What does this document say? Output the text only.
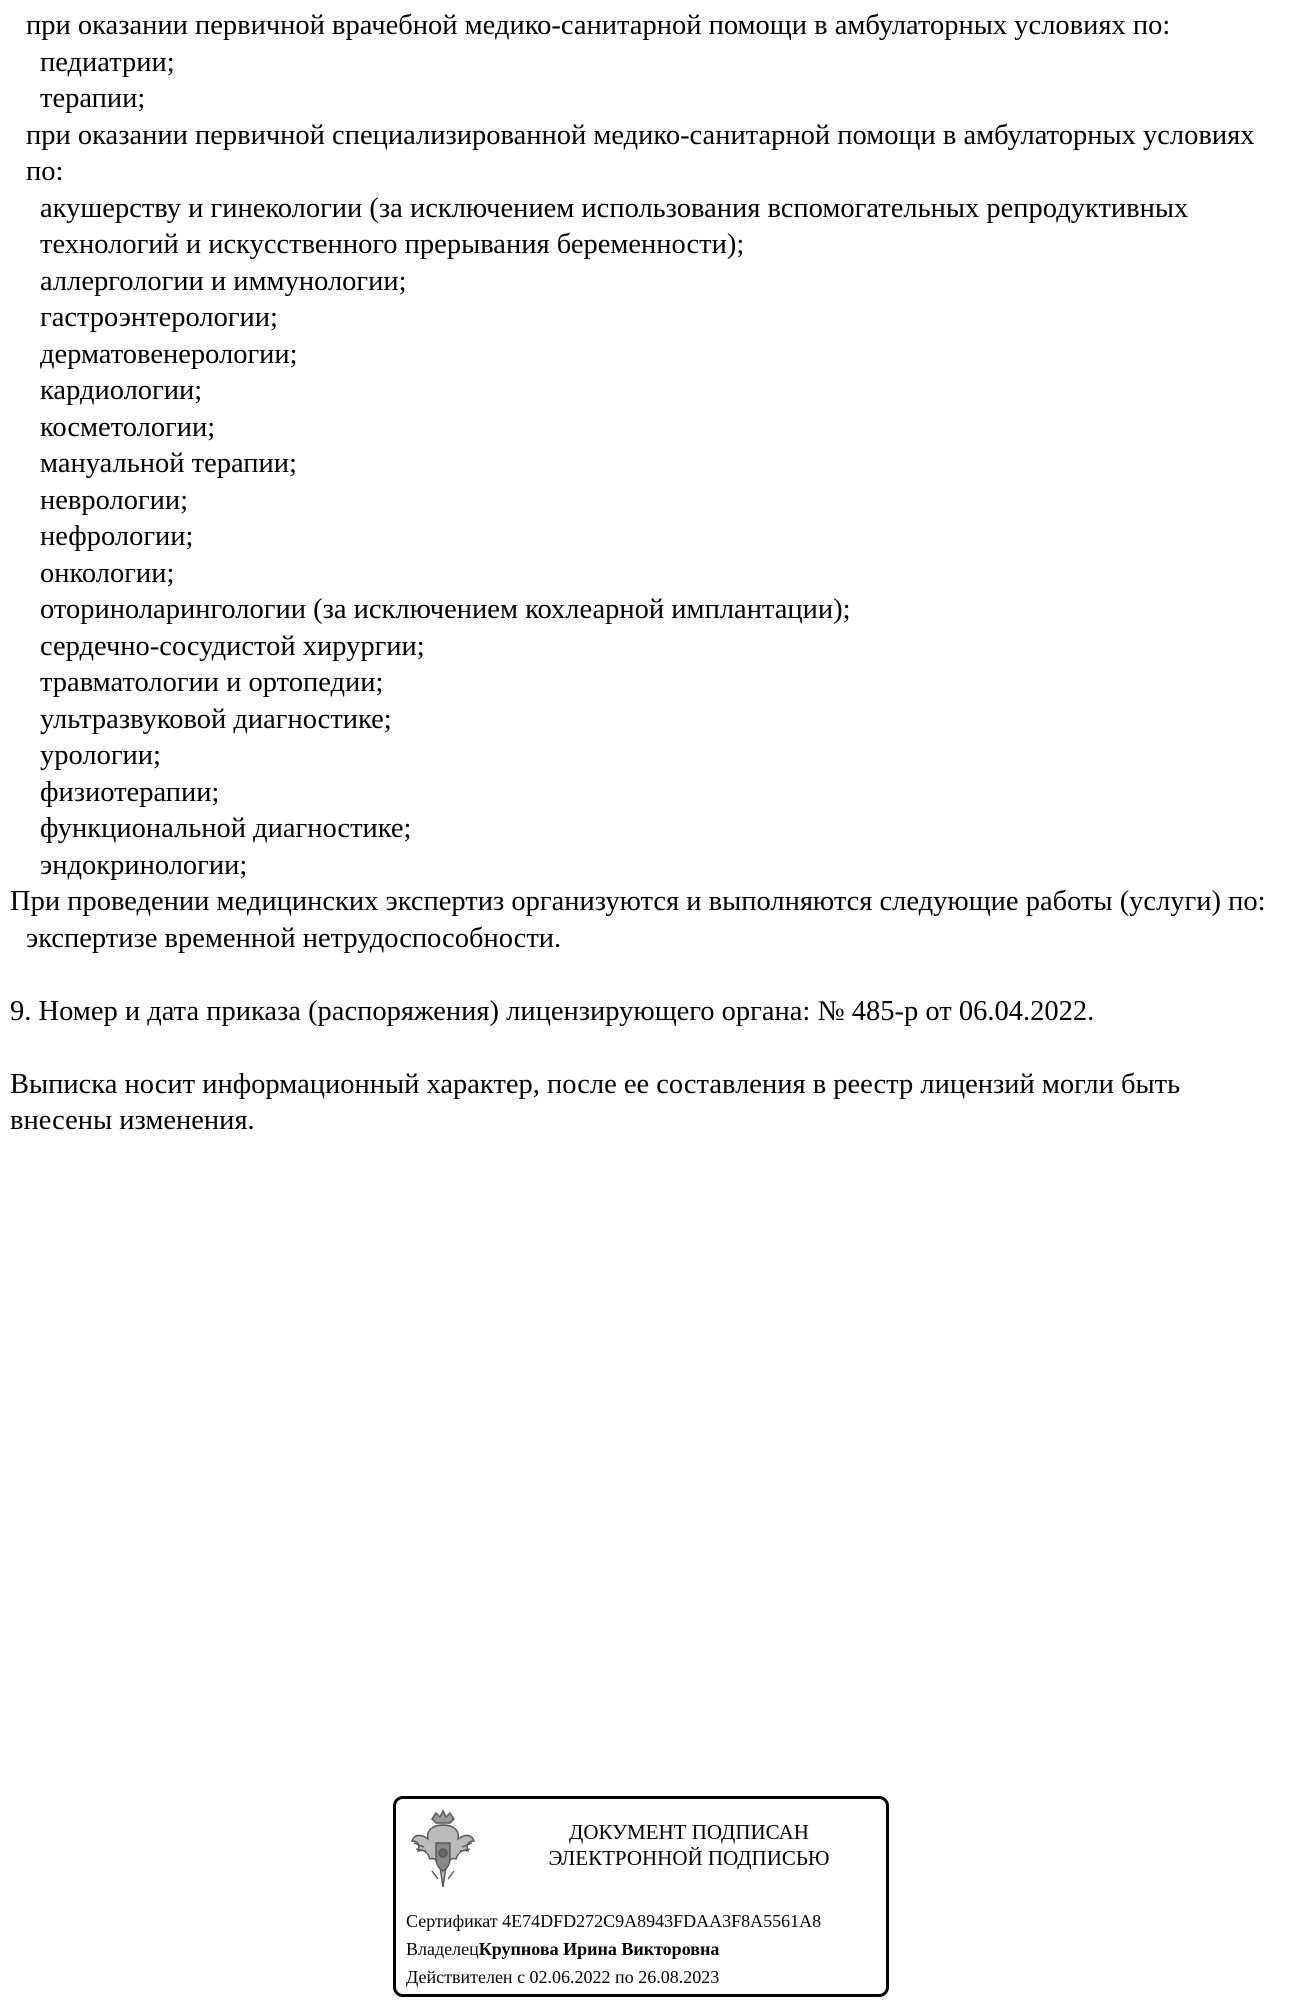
при оказании первичной врачебной медико-санитарной помощи в амбулаторных условиях по:
педиатрии;
терапии;
при оказании первичной специализированной медико-санитарной помощи в амбулаторных условиях по:
акушерству и гинекологии (за исключением использования вспомогательных репродуктивных технологий и искусственного прерывания беременности);
аллергологии и иммунологии;
гастроэнтерологии;
дерматовенерологии;
кардиологии;
косметологии;
мануальной терапии;
неврологии;
нефрологии;
онкологии;
оториноларингологии (за исключением кохлеарной имплантации);
сердечно-сосудистой хирургии;
травматологии и ортопедии;
ультразвуковой диагностике;
урологии;
физиотерапии;
функциональной диагностике;
эндокринологии;
При проведении медицинских экспертиз организуются и выполняются следующие работы (услуги) по:
экспертизе временной нетрудоспособности.
9. Номер и дата приказа (распоряжения) лицензирующего органа: № 485-р от 06.04.2022.
Выписка носит информационный характер, после ее составления в реестр лицензий могли быть внесены изменения.
ДОКУМЕНТ ПОДПИСАН
ЭЛЕКТРОННОЙ ПОДПИСЬЮ
Сертификат 4E74DFD272C9A8943FDAA3F8A5561A8
ВладелецКрупнова Ирина Викторовна
Действителен с 02.06.2022 по 26.08.2023
